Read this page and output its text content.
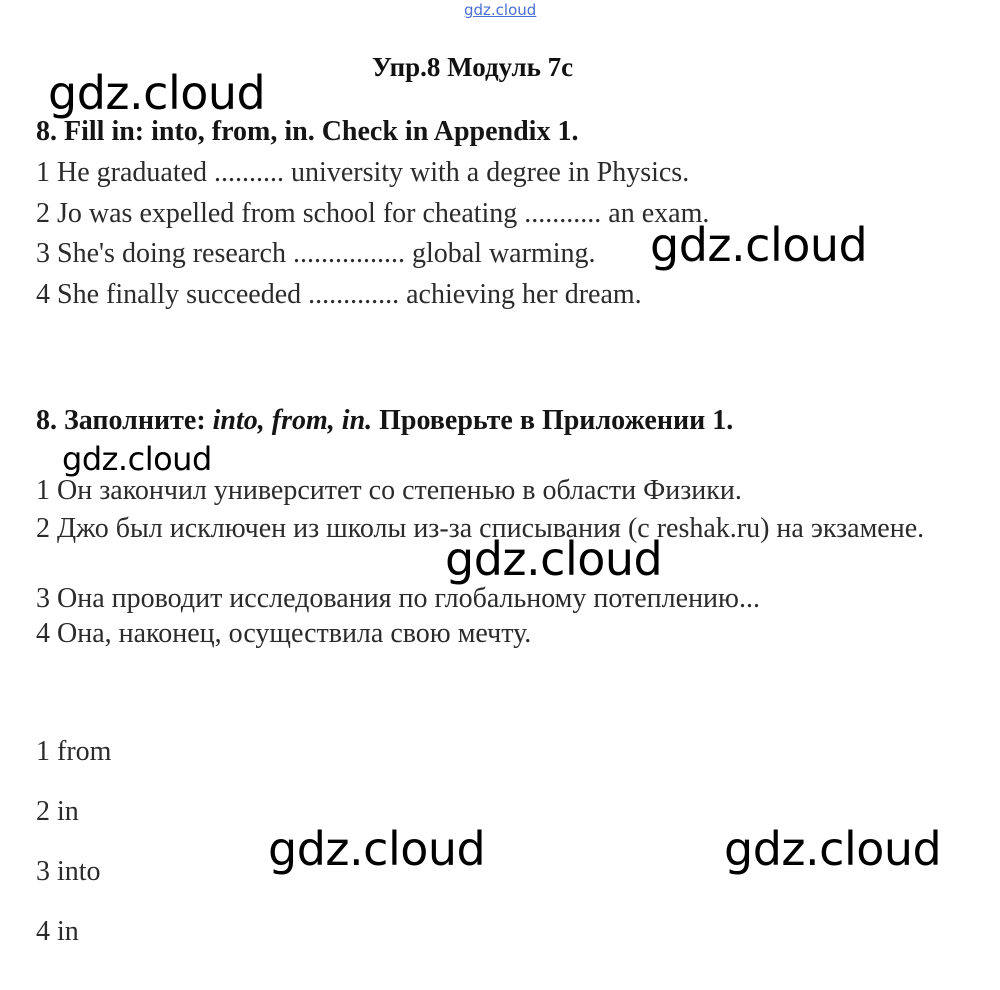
gdz.cloud
Упр.8 Модуль 7c
gdz.cloud
8. Fill in: into, from, in. Check in Appendix 1.
1 He graduated .......... university with a degree in Physics.
2 Jo was expelled from school for cheating ........... an exam.
3 She's doing research ................ global warming.
4 She finally succeeded ............. achieving her dream.
gdz.cloud
8. Заполните: into, from, in. Проверьте в Приложении 1.
gdz.cloud
1 Он закончил университет со степенью в области Физики.
2 Джо был исключен из школы из-за списывания (с reshak.ru) на экзамене.
3 Она проводит исследования по глобальному потеплению...
4 Она, наконец, осуществила свою мечту.
gdz.cloud
1 from
2 in
3 into
4 in
gdz.cloud	gdz.cloud
